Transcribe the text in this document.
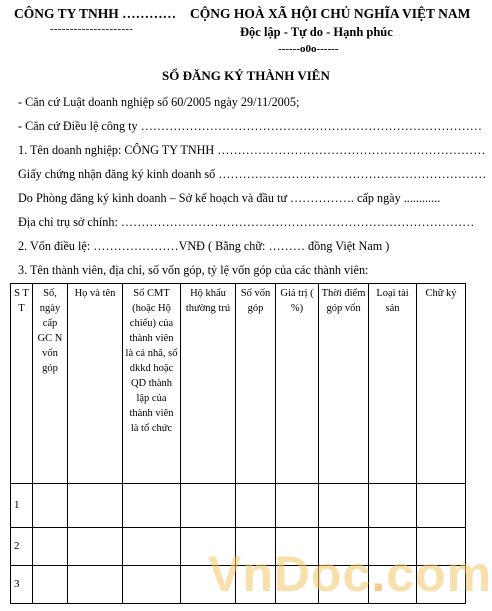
CÔNG TY TNHH …………
---------------------
CỘNG HOÀ XÃ HỘI CHỦ NGHĨA VIỆT NAM
Độc lập - Tự do - Hạnh phúc
------o0o------
SỔ ĐĂNG KÝ THÀNH VIÊN
- Căn cứ Luật doanh nghiệp số 60/2005 ngày 29/11/2005;
- Căn cứ Điều lệ công ty …………………………………………………………………………
1. Tên doanh nghiệp: CÔNG TY TNHH …………………………………………………………
Giấy chứng nhận đăng ký kinh doanh số …………………………………………………………
Do Phòng đăng ký kinh doanh – Sở kế hoạch và đầu tư ……………. cấp ngày ............
Địa chỉ trụ sở chính: ……………………………………………………………………………
2. Vốn điều lệ: …………………VNĐ ( Bằng chữ: ……… đồng Việt Nam )
3. Tên thành viên, địa chỉ, số vốn góp, tỷ lệ vốn góp của các thành viên:
S T T	Số, ngày cấp GC N vốn góp	Họ và tên	Số CMT (hoặc Hộ chiếu) của thành viên là cá nhâ, số dkkd hoặc QD thành lập của thành viên là tổ chức	Hộ khẩu thường trú	Số vốn góp	Giá trị ( %)	Thời điểm góp vốn	Loại tài sản	Chữ ký
1									
2									
3										VnDoc.com
